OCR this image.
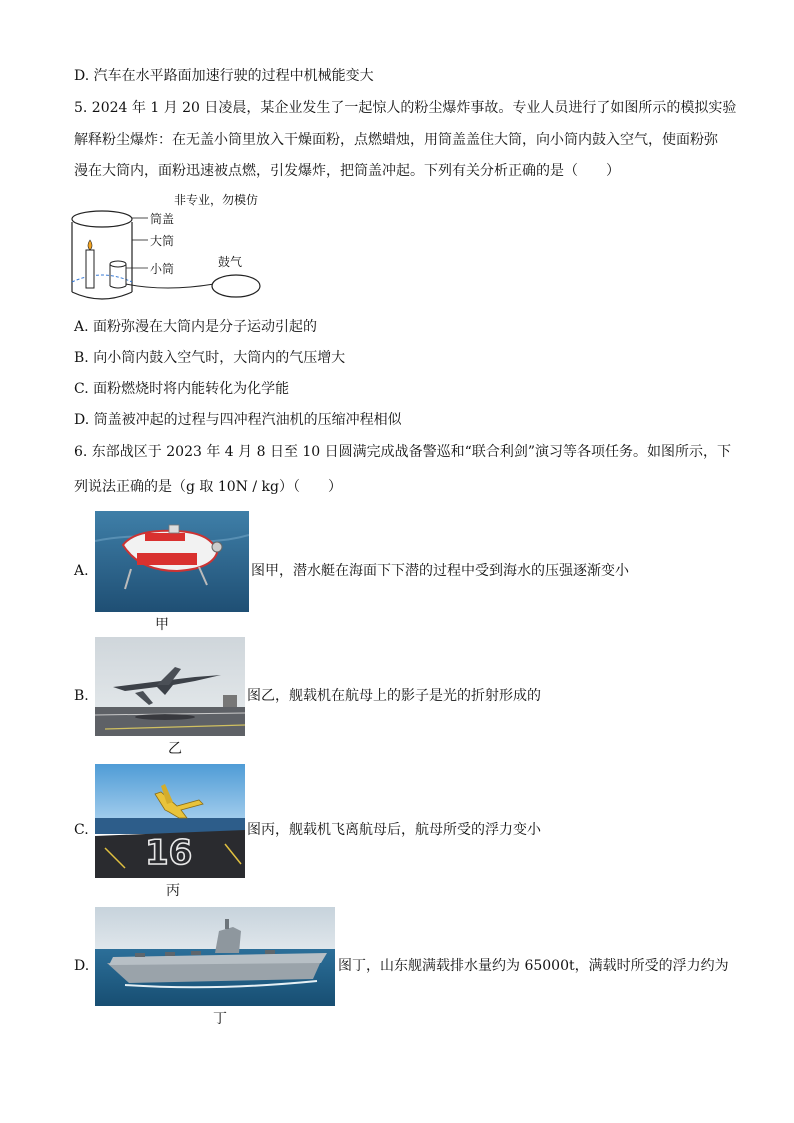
D. 汽车在水平路面加速行驶的过程中机械能变大
5. 2024 年 1 月 20 日凌晨，某企业发生了一起惊人的粉尘爆炸事故。专业人员进行了如图所示的模拟实验
解释粉尘爆炸：在无盖小筒里放入干燥面粉，点燃蜡烛，用筒盖盖住大筒，向小筒内鼓入空气，使面粉弥
漫在大筒内，面粉迅速被点燃，引发爆炸，把筒盖冲起。下列有关分析正确的是（　　）
非专业，勿模仿
筒盖
大筒
小筒	鼓气
A. 面粉弥漫在大筒内是分子运动引起的
B. 向小筒内鼓入空气时，大筒内的气压增大
C. 面粉燃烧时将内能转化为化学能
D. 筒盖被冲起的过程与四冲程汽油机的压缩冲程相似
6. 东部战区于 2023 年 4 月 8 日至 10 日圆满完成战备警巡和“联合利剑”演习等各项任务。如图所示，下
列说法正确的是（g 取 10N / kg）（　　）
A.	图甲，潜水艇在海面下下潜的过程中受到海水的压强逐渐变小
甲
B.	图乙，舰载机在航母上的影子是光的折射形成的
乙
C.
16
图丙，舰载机飞离航母后，航母所受的浮力变小
丙
D.	图丁，山东舰满载排水量约为 65000t，满载时所受的浮力约为
丁
